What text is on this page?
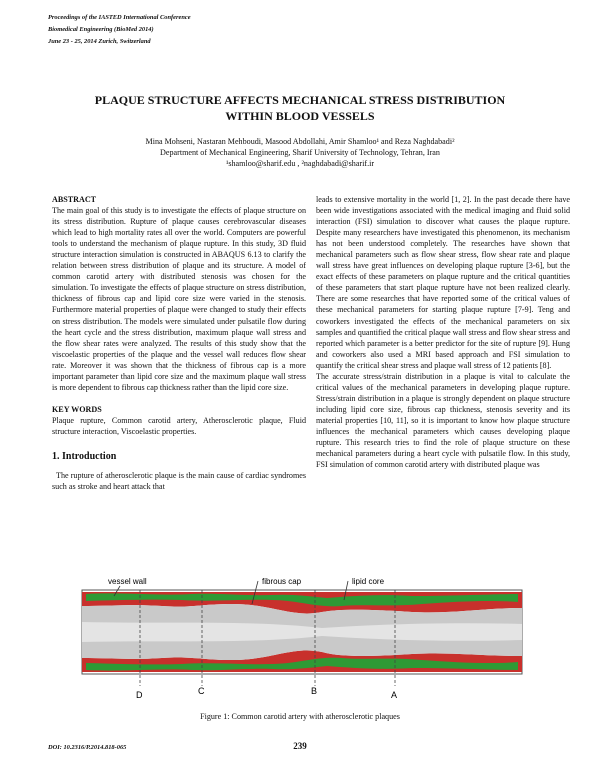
Proceedings of the IASTED International Conference
Biomedical Engineering (BioMed 2014)
June 23 - 25, 2014 Zurich, Switzerland
PLAQUE STRUCTURE AFFECTS MECHANICAL STRESS DISTRIBUTION
WITHIN BLOOD VESSELS
Mina Mohseni, Nastaran Mehboudi, Masood Abdollahi, Amir Shamloo¹ and Reza Naghdabadi²
Department of Mechanical Engineering, Sharif University of Technology, Tehran, Iran
¹shamloo@sharif.edu , ²naghdabadi@sharif.ir

ABSTRACT

The main goal of this study is to investigate the effects of plaque structure on its stress distribution. Rupture of plaque causes cerebrovascular diseases which lead to high mortality rates all over the world. Computers are powerful tools to understand the mechanism of plaque rupture. In this study, 3D fluid structure interaction simulation is constructed in ABAQUS 6.13 to clarify the relation between stress distribution of plaque and its structure. A model of common carotid artery with distributed stenosis was chosen for the simulation. To investigate the effects of plaque structure on stress distribution, thickness of fibrous cap and lipid core size were varied in the stenosis. Furthermore material properties of plaque were changed to study their effects on stress distribution. The models were simulated under pulsatile flow during the heart cycle and the stress distribution, maximum plaque wall stress and the flow shear rates were analyzed. The results of this study show that the viscoelastic properties of the plaque and the vessel wall reduces flow shear rate. Moreover it was shown that the thickness of fibrous cap is a more important parameter than lipid core size and the maximum plaque wall stress is more dependent to fibrous cap thickness rather than the lipid core size.

KEY WORDS

Plaque rupture, Common carotid artery, Atherosclerotic plaque, Fluid structure interaction, Viscoelastic properties.

1. Introduction

The rupture of atherosclerotic plaque is the main cause of cardiac syndromes such as stroke and heart attack that

leads to extensive mortality in the world [1, 2]. In the past decade there have been wide investigations associated with the medical imaging and fluid solid interaction (FSI) simulation to discover what causes the plaque rupture. Despite many researchers have investigated this phenomenon, its mechanism has not been understood completely. The researches have shown that mechanical parameters such as flow shear stress, flow shear rate and plaque wall stress have great influences on developing plaque rupture [3-6], but the exact effects of these parameters on plaque rupture and the critical quantities of these parameters that start plaque rupture have not been realized clearly. There are some researches that have reported some of the critical values of these mechanical parameters for starting plaque rupture [7-9]. Teng and coworkers investigated the effects of the mechanical parameters on six samples and quantified the critical plaque wall stress and flow shear stress and reported which parameter is a better predictor for the site of rupture [9]. Hung and coworkers also used a MRI based approach and FSI simulation to quantify the critical shear stress and plaque wall stress of 12 patients [8].

The accurate stress/strain distribution in a plaque is vital to calculate the critical values of the mechanical parameters in developing plaque rupture. Stress/strain distribution in a plaque is strongly dependent on plaque structure including lipid core size, fibrous cap thickness, stenosis severity and its material properties [10, 11], so it is important to know how plaque structure influences the mechanical parameters which causes developing plaque rupture. This research tries to find the role of plaque structure on these mechanical parameters during a heart cycle with pulsatile flow. In this study, FSI simulation of common carotid artery with distributed plaque was

vessel wall	fibrous cap	lipid core
D	C	B	A
Figure 1: Common carotid artery with atherosclerotic plaques
DOI: 10.2316/P.2014.818-065	239
